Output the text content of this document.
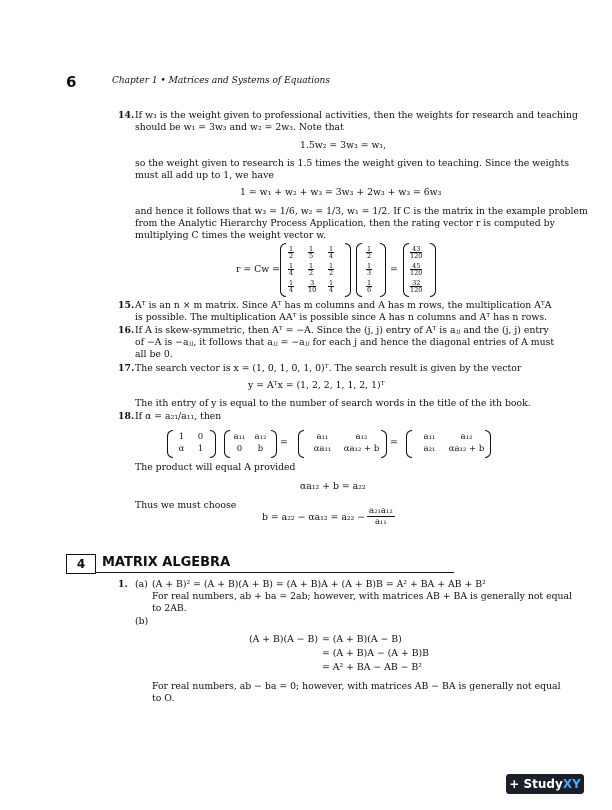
6	Chapter 1 • Matrices and Systems of Equations
14. If w₃ is the weight given to professional activities, then the weights for research and teaching
should be w₁ = 3w₃ and w₂ = 2w₃. Note that
1.5w₂ = 3w₃ = w₁,
so the weight given to research is 1.5 times the weight given to teaching. Since the weights
must all add up to 1, we have
1 = w₁ + w₂ + w₃ = 3w₃ + 2w₃ + w₃ = 6w₃
and hence it follows that w₃ = 1/6, w₂ = 1/3, w₁ = 1/2. If C is the matrix in the example problem
from the Analytic Hierarchy Process Application, then the rating vector r is computed by
multiplying C times the weight vector w.
r = Cw =
$\frac{1}{2} \frac{1}{5} \frac{1}{4}$
$\frac{1}{4} \frac{1}{2} \frac{1}{2}$
$\frac{1}{4} \frac{3}{10} \frac{1}{4}$
$\frac{1}{2}$
$\frac{1}{3}$
$\frac{1}{6}$
=
$\frac{43}{120}$
$\frac{45}{120}$
$\frac{32}{120}$
15. Aᵀ is an n × m matrix. Since Aᵀ has m columns and A has m rows, the multiplication AᵀA
is possible. The multiplication AAᵀ is possible since A has n columns and Aᵀ has n rows.
16. If A is skew-symmetric, then Aᵀ = −A. Since the (j, j) entry of Aᵀ is aⱼⱼ and the (j, j) entry
of −A is −aⱼⱼ, it follows that aⱼⱼ = −aⱼⱼ for each j and hence the diagonal entries of A must
all be 0.
17. The search vector is x = (1, 0, 1, 0, 1, 0)ᵀ. The search result is given by the vector
y = Aᵀx = (1, 2, 2, 1, 1, 2, 1)ᵀ
The ith entry of y is equal to the number of search words in the title of the ith book.
18. If α = a₂₁/a₁₁, then
1	0
α	1
a₁₁	a₁₂
0	b
a₁₁	a₁₂
αa₁₁	αa₁₂ + b
a₁₁	a₁₂
a₂₁	αa₁₂ + b
=	=
The product will equal A provided
αa₁₂ + b = a₂₂
Thus we must choose
$b = a_{22} - \alpha a_{12} = a_{22} - \frac{\text{a₂₁a₁₂}}{\text{a₁₁}}$
4	MATRIX ALGEBRA
1. (a) (A + B)² = (A + B)(A + B) = (A + B)A + (A + B)B = A² + BA + AB + B²
For real numbers, ab + ba = 2ab; however, with matrices AB + BA is generally not equal
to 2AB.
(b)
(A + B)(A − B) = (A + B)(A − B)
= (A + B)A − (A + B)B
= A² + BA − AB − B²
For real numbers, ab − ba = 0; however, with matrices AB − BA is generally not equal
to O.
+ StudyXY
